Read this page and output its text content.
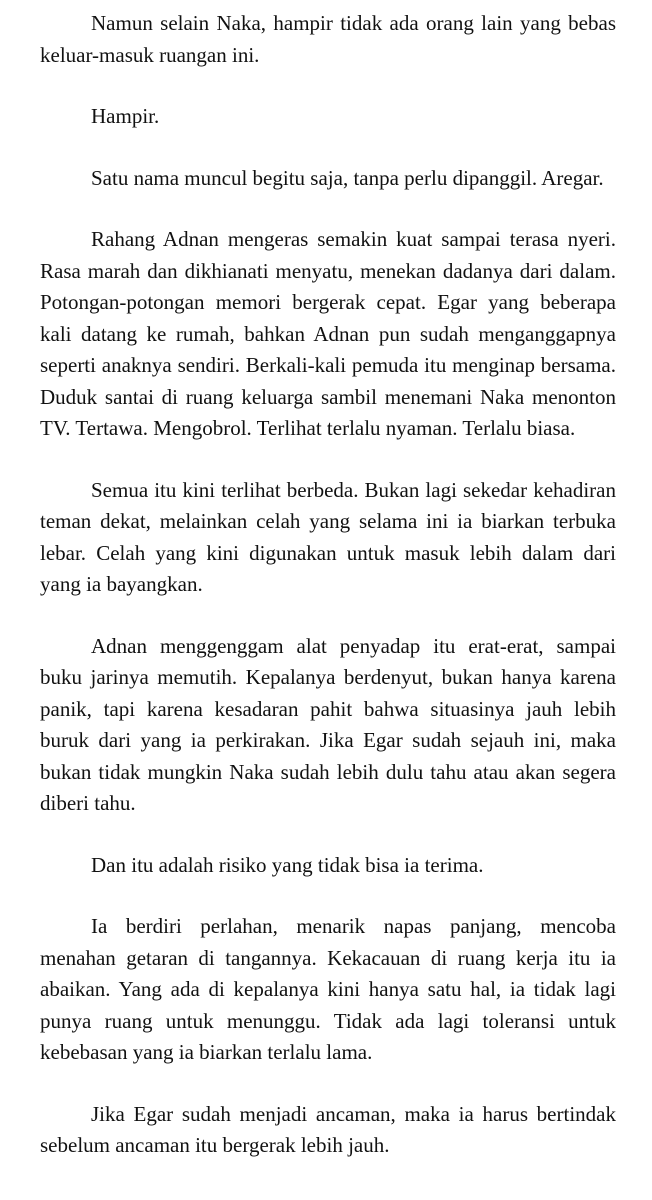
Namun selain Naka, hampir tidak ada orang lain yang bebas keluar-masuk ruangan ini.

Hampir.

Satu nama muncul begitu saja, tanpa perlu dipanggil. Aregar.

Rahang Adnan mengeras semakin kuat sampai terasa nyeri. Rasa marah dan dikhianati menyatu, menekan dadanya dari dalam. Potongan-potongan memori bergerak cepat. Egar yang beberapa kali datang ke rumah, bahkan Adnan pun sudah menganggapnya seperti anaknya sendiri. Berkali-kali pemuda itu menginap bersama. Duduk santai di ruang keluarga sambil menemani Naka menonton TV. Tertawa. Mengobrol. Terlihat terlalu nyaman. Terlalu biasa.

Semua itu kini terlihat berbeda. Bukan lagi sekedar kehadiran teman dekat, melainkan celah yang selama ini ia biarkan terbuka lebar. Celah yang kini digunakan untuk masuk lebih dalam dari yang ia bayangkan.

Adnan menggenggam alat penyadap itu erat-erat, sampai buku jarinya memutih. Kepalanya berdenyut, bukan hanya karena panik, tapi karena kesadaran pahit bahwa situasinya jauh lebih buruk dari yang ia perkirakan. Jika Egar sudah sejauh ini, maka bukan tidak mungkin Naka sudah lebih dulu tahu atau akan segera diberi tahu.

Dan itu adalah risiko yang tidak bisa ia terima.

Ia berdiri perlahan, menarik napas panjang, mencoba menahan getaran di tangannya. Kekacauan di ruang kerja itu ia abaikan. Yang ada di kepalanya kini hanya satu hal, ia tidak lagi punya ruang untuk menunggu. Tidak ada lagi toleransi untuk kebebasan yang ia biarkan terlalu lama.

Jika Egar sudah menjadi ancaman, maka ia harus bertindak sebelum ancaman itu bergerak lebih jauh.
